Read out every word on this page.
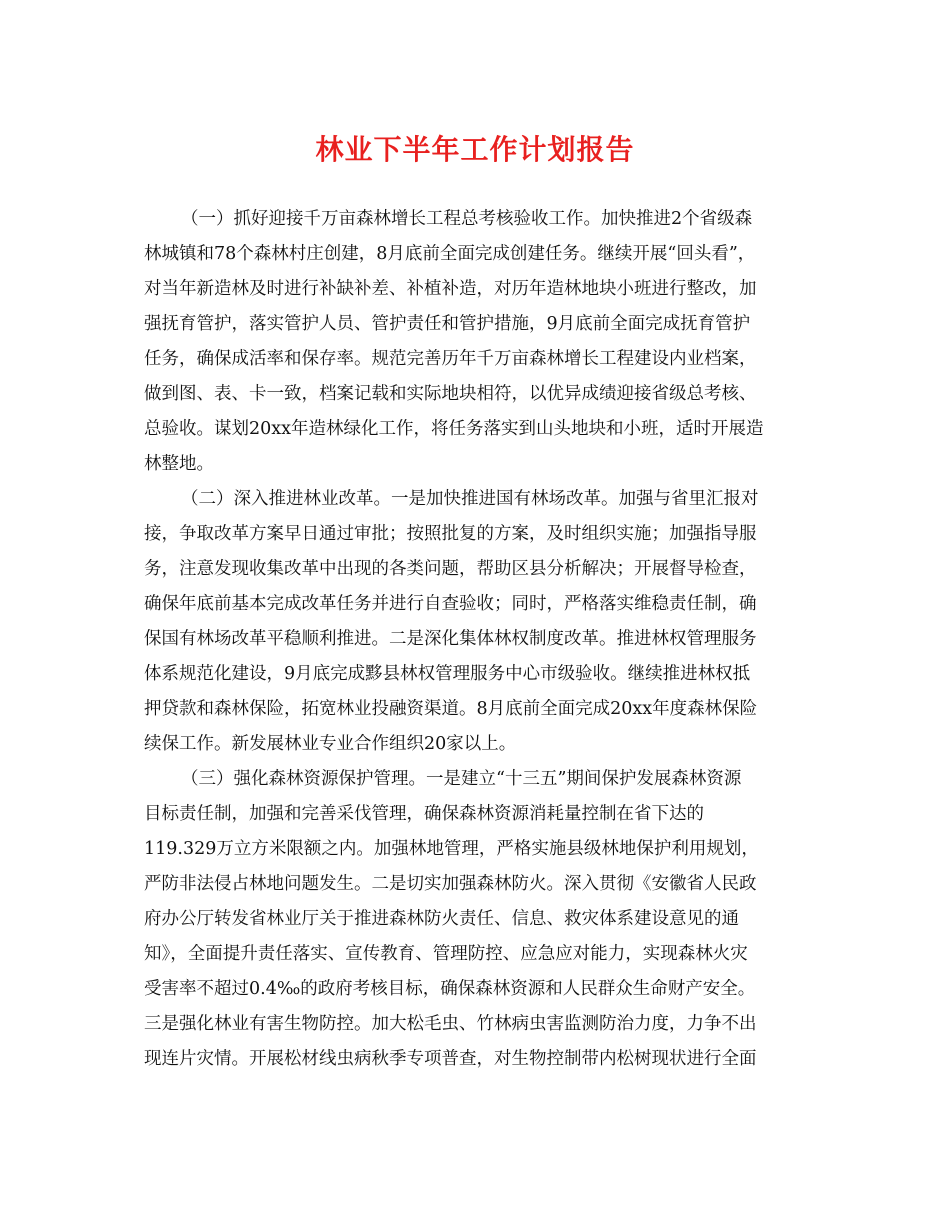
林业下半年工作计划报告

（一）抓好迎接千万亩森林增长工程总考核验收工作。加快推进2个省级森

林城镇和78个森林村庄创建，8月底前全面完成创建任务。继续开展“回头看”，

对当年新造林及时进行补缺补差、补植补造，对历年造林地块小班进行整改，加

强抚育管护，落实管护人员、管护责任和管护措施，9月底前全面完成抚育管护

任务，确保成活率和保存率。规范完善历年千万亩森林增长工程建设内业档案，

做到图、表、卡一致，档案记载和实际地块相符，以优异成绩迎接省级总考核、

总验收。谋划20xx年造林绿化工作，将任务落实到山头地块和小班，适时开展造

林整地。

（二）深入推进林业改革。一是加快推进国有林场改革。加强与省里汇报对

接，争取改革方案早日通过审批；按照批复的方案，及时组织实施；加强指导服

务，注意发现收集改革中出现的各类问题，帮助区县分析解决；开展督导检查，

确保年底前基本完成改革任务并进行自查验收；同时，严格落实维稳责任制，确

保国有林场改革平稳顺利推进。二是深化集体林权制度改革。推进林权管理服务

体系规范化建设，9月底完成黟县林权管理服务中心市级验收。继续推进林权抵

押贷款和森林保险，拓宽林业投融资渠道。8月底前全面完成20xx年度森林保险

续保工作。新发展林业专业合作组织20家以上。

（三）强化森林资源保护管理。一是建立“十三五”期间保护发展森林资源

目标责任制，加强和完善采伐管理，确保森林资源消耗量控制在省下达的

119.329万立方米限额之内。加强林地管理，严格实施县级林地保护利用规划，

严防非法侵占林地问题发生。二是切实加强森林防火。深入贯彻《安徽省人民政

府办公厅转发省林业厅关于推进森林防火责任、信息、救灾体系建设意见的通

知》，全面提升责任落实、宣传教育、管理防控、应急应对能力，实现森林火灾

受害率不超过0.4‰的政府考核目标，确保森林资源和人民群众生命财产安全。

三是强化林业有害生物防控。加大松毛虫、竹林病虫害监测防治力度，力争不出

现连片灾情。开展松材线虫病秋季专项普查，对生物控制带内松树现状进行全面
